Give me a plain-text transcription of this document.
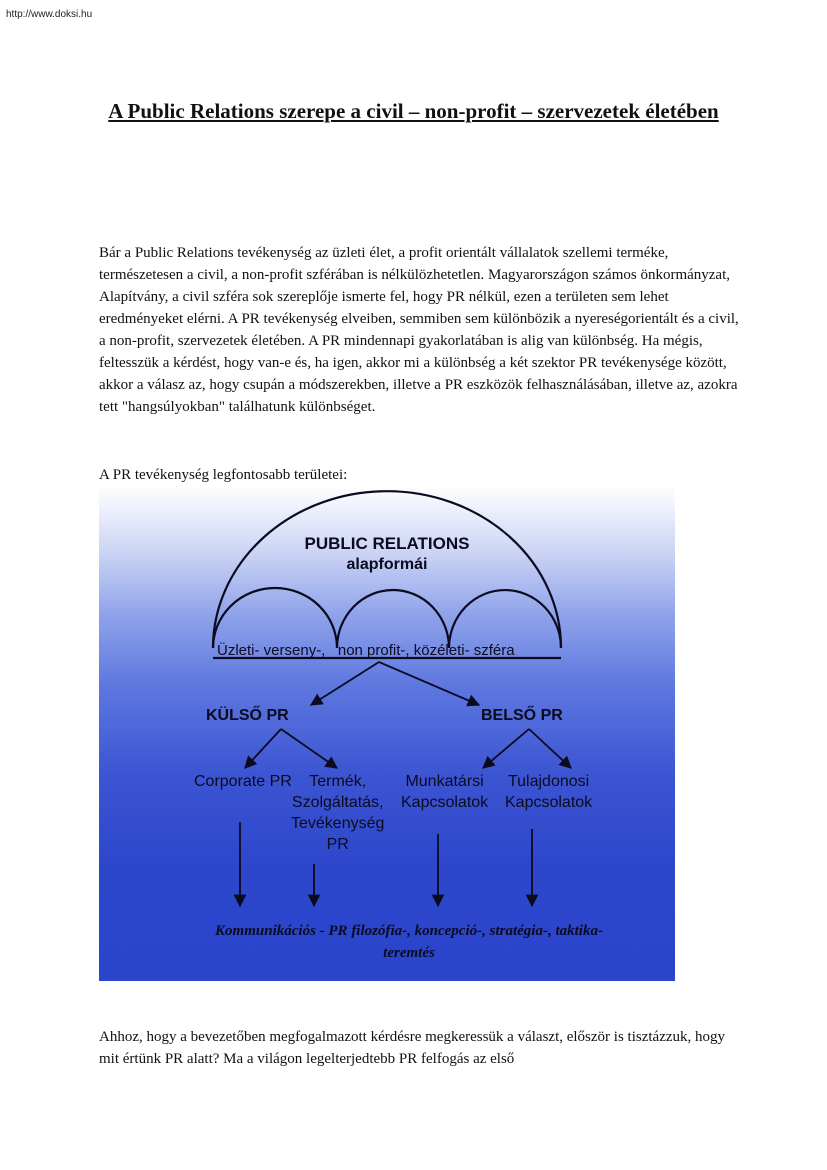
http://www.doksi.hu
A Public Relations szerepe a civil – non-profit – szervezetek életében

Bár a Public Relations tevékenység az üzleti élet, a profit orientált vállalatok szellemi terméke, természetesen a civil, a non-profit szférában is nélkülözhetetlen. Magyarországon számos önkormányzat, Alapítvány, a civil szféra sok szereplője ismerte fel, hogy PR nélkül, ezen a területen sem lehet eredményeket elérni. A PR tevékenység elveiben, semmiben sem különbözik a nyereségorientált és a civil, a non-profit, szervezetek életében. A PR mindennapi gyakorlatában is alig van különbség. Ha mégis, feltesszük a kérdést, hogy van-e és, ha igen, akkor mi a különbség a két szektor PR tevékenysége között, akkor a válasz az, hogy csupán a módszerekben, illetve a PR eszközök felhasználásában, illetve az, azokra tett "hangsúlyokban" találhatunk különbséget.

A PR tevékenység legfontosabb területei:

PUBLIC RELATIONS
alapformái
Üzleti- verseny-,   non profit-, közéleti- szféra
KÜLSŐ PR	BELSŐ PR
Corporate PR	Termék,
Szolgáltatás,
Tevékenység
PR
Munkatársi
Kapcsolatok
Tulajdonosi
Kapcsolatok
Kommunikációs - PR filozófia-, koncepció-, stratégia-, taktika-
teremtés

Ahhoz, hogy a bevezetőben megfogalmazott kérdésre megkeressük a választ, először is tisztázzuk, hogy mit értünk PR alatt? Ma a világon legelterjedtebb PR felfogás az első
